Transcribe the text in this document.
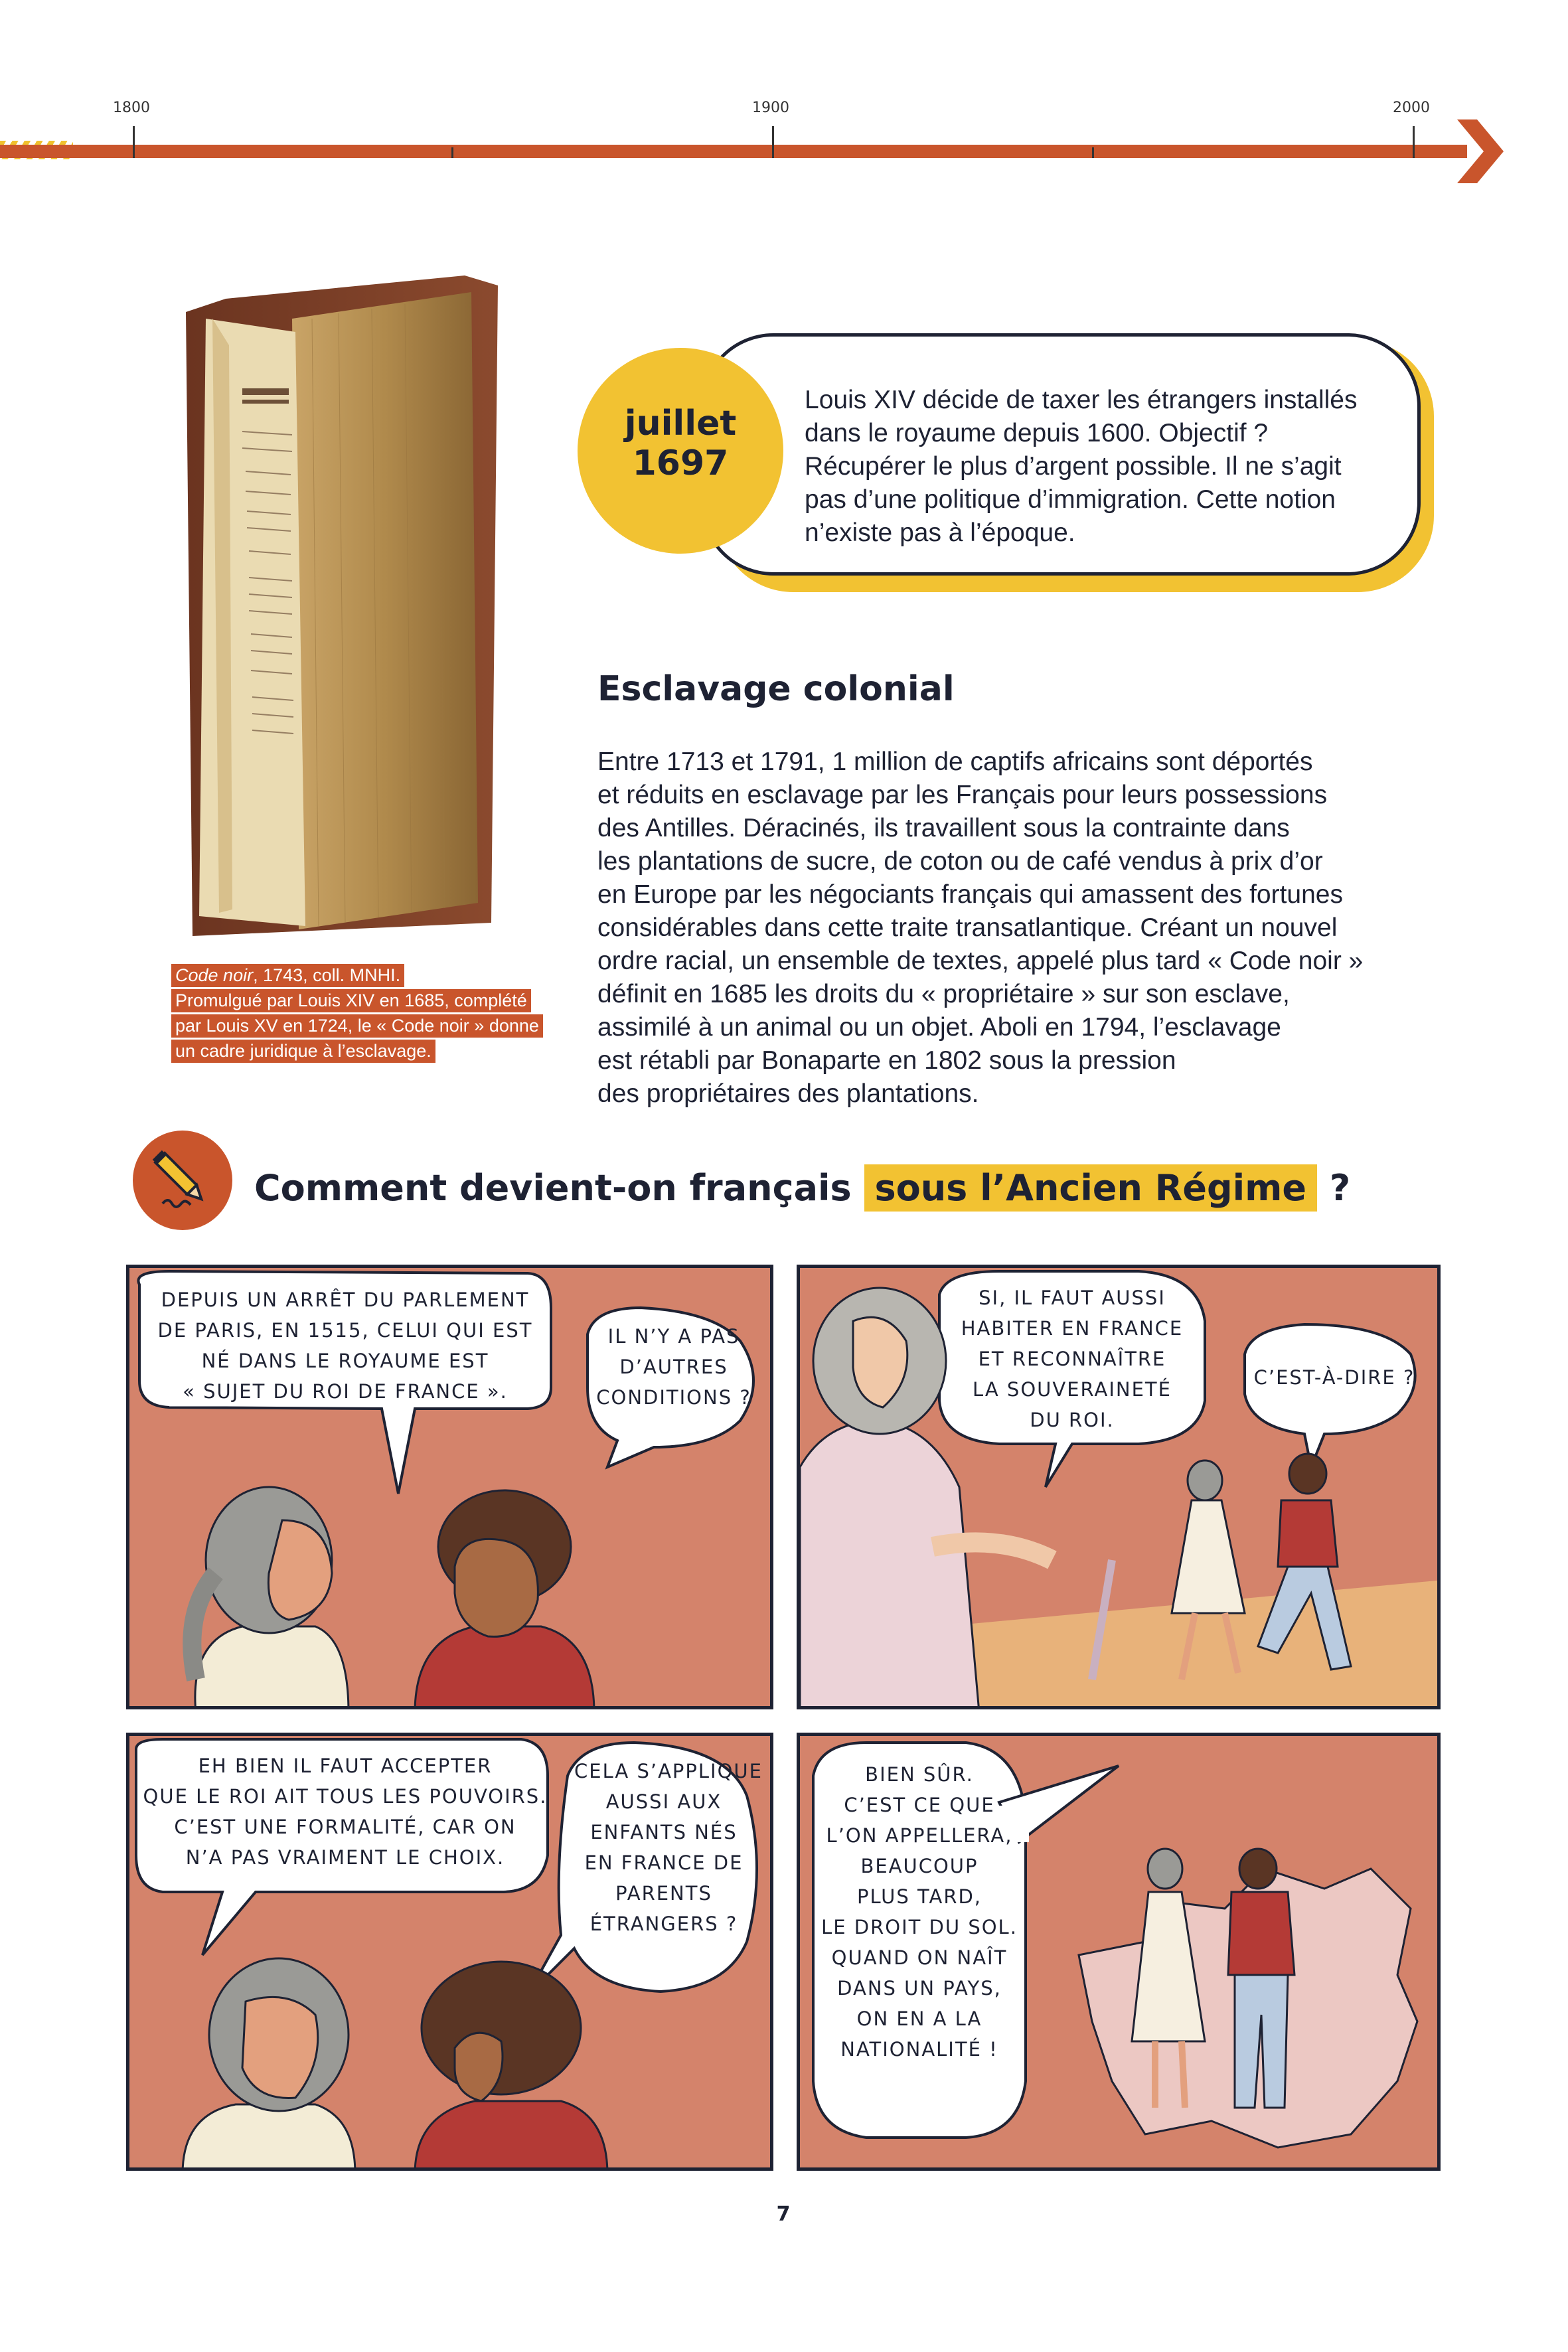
1800	1900	2000
Code noir, 1743, coll. MNHI.
Promulgué par Louis XIV en 1685, complété
par Louis XV en 1724, le « Code noir » donne
un cadre juridique à l’esclavage.
juillet
1697
Louis XIV décide de taxer les étrangers installés
dans le royaume depuis 1600. Objectif ?
Récupérer le plus d’argent possible. Il ne s’agit
pas d’une politique d’immigration. Cette notion
n’existe pas à l’époque.
Esclavage colonial

Entre 1713 et 1791, 1 million de captifs africains sont déportés

et réduits en esclavage par les Français pour leurs possessions

des Antilles. Déracinés, ils travaillent sous la contrainte dans

les plantations de sucre, de coton ou de café vendus à prix d’or

en Europe par les négociants français qui amassent des fortunes

considérables dans cette traite transatlantique. Créant un nouvel

ordre racial, un ensemble de textes, appelé plus tard « Code noir »

définit en 1685 les droits du « propriétaire » sur son esclave,

assimilé à un animal ou un objet. Aboli en 1794, l’esclavage

est rétabli par Bonaparte en 1802 sous la pression

des propriétaires des plantations.

Comment devient-on français sous l’Ancien Régime ?
DEPUIS UN ARRÊT DU PARLEMENT
DE PARIS, EN 1515, CELUI QUI EST
NÉ DANS LE ROYAUME EST
« SUJET DU ROI DE FRANCE ».
IL N’Y A PAS
D’AUTRES
CONDITIONS ?
SI, IL FAUT AUSSI
HABITER EN FRANCE
ET RECONNAÎTRE
LA SOUVERAINETÉ
DU ROI.
C’EST-À-DIRE ?
EH BIEN IL FAUT ACCEPTER
QUE LE ROI AIT TOUS LES POUVOIRS.
C’EST UNE FORMALITÉ, CAR ON
N’A PAS VRAIMENT LE CHOIX.
CELA S’APPLIQUE
AUSSI AUX
ENFANTS NÉS
EN FRANCE DE
PARENTS
ÉTRANGERS ?
BIEN SÛR.
C’EST CE QUE
L’ON APPELLERA,
BEAUCOUP
PLUS TARD,
LE DROIT DU SOL.
QUAND ON NAÎT
DANS UN PAYS,
ON EN A LA
NATIONALITÉ !
7
